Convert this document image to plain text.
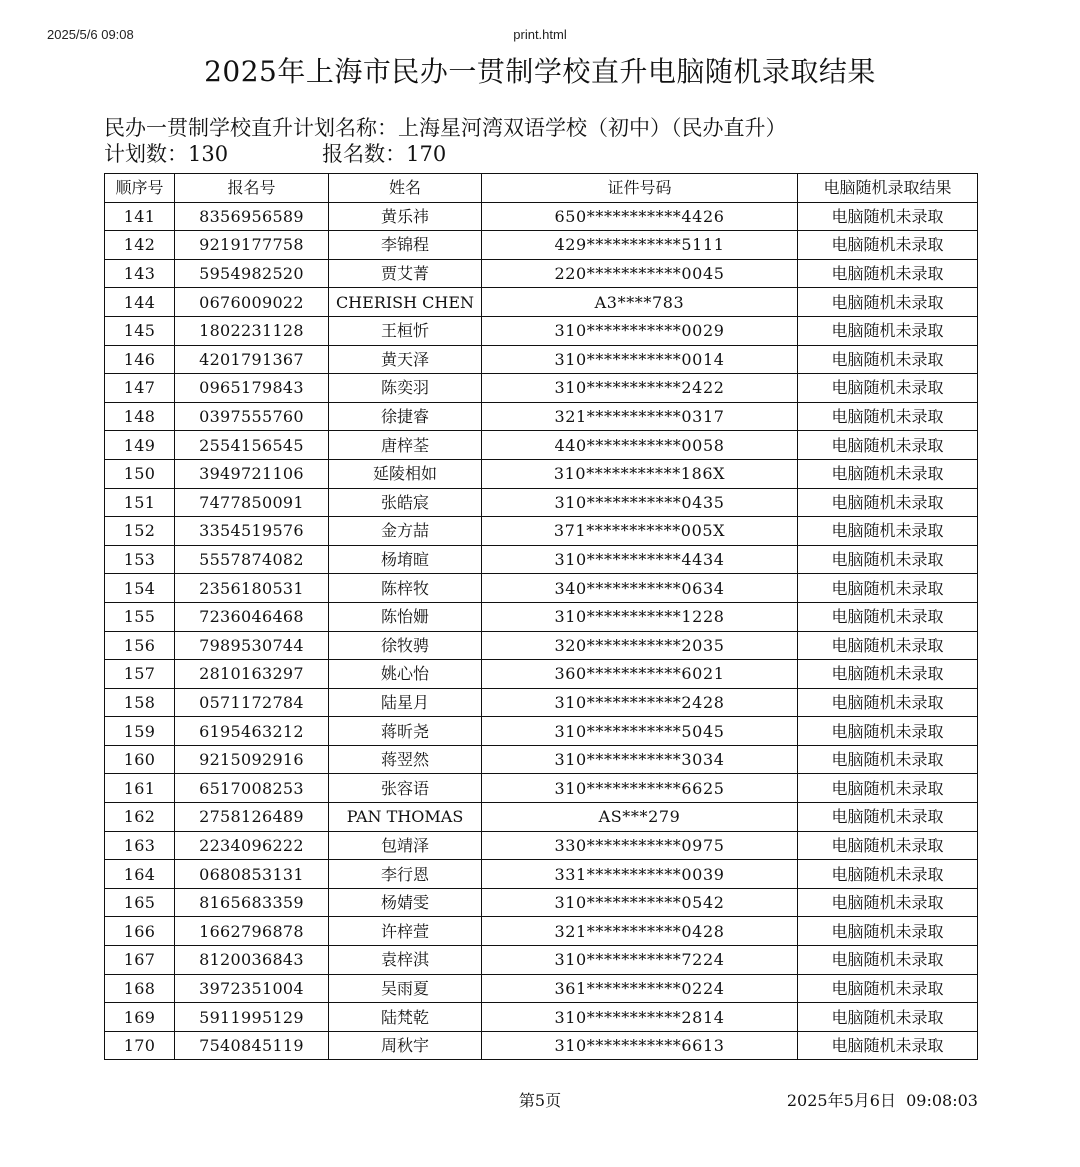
2025/5/6 09:08	print.html
2025年上海市民办一贯制学校直升电脑随机录取结果
民办一贯制学校直升计划名称：上海星河湾双语学校（初中）（民办直升）
计划数：130	报名数：170
顺序号	报名号	姓名	证件号码	电脑随机录取结果
141	8356956589	黄乐祎	650***********4426	电脑随机未录取
142	9219177758	李锦程	429***********5111	电脑随机未录取
143	5954982520	贾艾菁	220***********0045	电脑随机未录取
144	0676009022	CHERISH CHEN	A3****783	电脑随机未录取
145	1802231128	王桓忻	310***********0029	电脑随机未录取
146	4201791367	黄天泽	310***********0014	电脑随机未录取
147	0965179843	陈奕羽	310***********2422	电脑随机未录取
148	0397555760	徐捷睿	321***********0317	电脑随机未录取
149	2554156545	唐梓荃	440***********0058	电脑随机未录取
150	3949721106	延陵相如	310***********186X	电脑随机未录取
151	7477850091	张皓宸	310***********0435	电脑随机未录取
152	3354519576	金方喆	371***********005X	电脑随机未录取
153	5557874082	杨堉暄	310***********4434	电脑随机未录取
154	2356180531	陈梓牧	340***********0634	电脑随机未录取
155	7236046468	陈怡姗	310***********1228	电脑随机未录取
156	7989530744	徐牧骋	320***********2035	电脑随机未录取
157	2810163297	姚心怡	360***********6021	电脑随机未录取
158	0571172784	陆星月	310***********2428	电脑随机未录取
159	6195463212	蒋昕尧	310***********5045	电脑随机未录取
160	9215092916	蒋翌然	310***********3034	电脑随机未录取
161	6517008253	张容语	310***********6625	电脑随机未录取
162	2758126489	PAN THOMAS	AS***279	电脑随机未录取
163	2234096222	包靖泽	330***********0975	电脑随机未录取
164	0680853131	李行恩	331***********0039	电脑随机未录取
165	8165683359	杨婧雯	310***********0542	电脑随机未录取
166	1662796878	许梓萱	321***********0428	电脑随机未录取
167	8120036843	袁梓淇	310***********7224	电脑随机未录取
168	3972351004	吴雨夏	361***********0224	电脑随机未录取
169	5911995129	陆梵乾	310***********2814	电脑随机未录取
170	7540845119	周秋宇	310***********6613	电脑随机未录取
第5页	2025年5月6日  09:08:03
